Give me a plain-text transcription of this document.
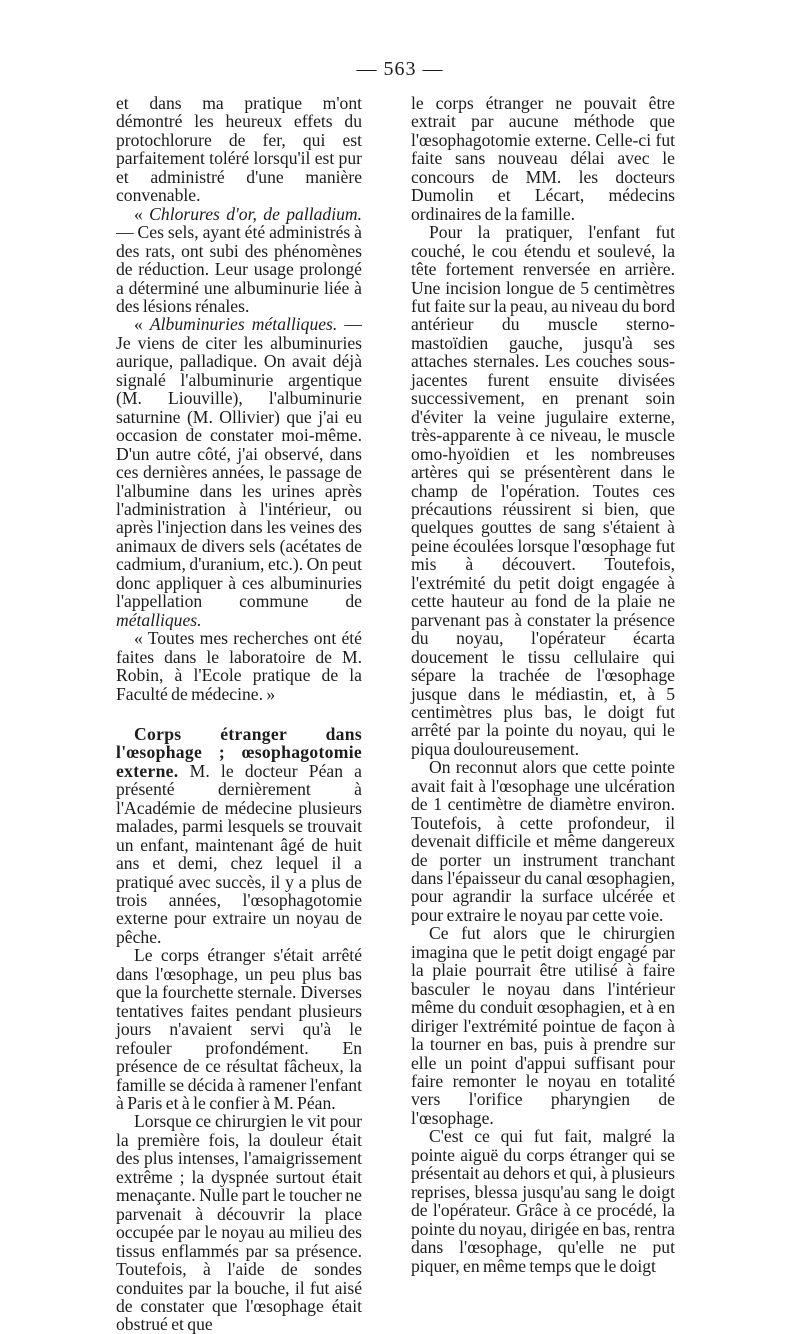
— 563 —

et dans ma pratique m'ont démontré les heureux effets du protochlorure de fer, qui est parfaitement toléré lorsqu'il est pur et administré d'une manière convenable.

« Chlorures d'or, de palladium. — Ces sels, ayant été administrés à des rats, ont subi des phénomènes de réduction. Leur usage prolongé a déterminé une albuminurie liée à des lésions rénales.

« Albuminuries métalliques. — Je viens de citer les albuminuries aurique, palladique. On avait déjà signalé l'albuminurie argentique (M. Liouville), l'albuminurie saturnine (M. Ollivier) que j'ai eu occasion de constater moi-même. D'un autre côté, j'ai observé, dans ces dernières années, le passage de l'albumine dans les urines après l'administration à l'intérieur, ou après l'injection dans les veines des animaux de divers sels (acétates de cadmium, d'uranium, etc.). On peut donc appliquer à ces albuminuries l'appellation commune de métalliques.

« Toutes mes recherches ont été faites dans le laboratoire de M. Robin, à l'Ecole pratique de la Faculté de médecine. »

Corps étranger dans l'œsophage ; œsophagotomie externe. M. le docteur Péan a présenté dernièrement à l'Académie de médecine plusieurs malades, parmi lesquels se trouvait un enfant, maintenant âgé de huit ans et demi, chez lequel il a pratiqué avec succès, il y a plus de trois années, l'œsophagotomie externe pour extraire un noyau de pêche.

Le corps étranger s'était arrêté dans l'œsophage, un peu plus bas que la fourchette sternale. Diverses tentatives faites pendant plusieurs jours n'avaient servi qu'à le refouler profondément. En présence de ce résultat fâcheux, la famille se décida à ramener l'enfant à Paris et à le confier à M. Péan.

Lorsque ce chirurgien le vit pour la première fois, la douleur était des plus intenses, l'amaigrissement extrême ; la dyspnée surtout était menaçante. Nulle part le toucher ne parvenait à découvrir la place occupée par le noyau au milieu des tissus enflammés par sa présence. Toutefois, à l'aide de sondes conduites par la bouche, il fut aisé de constater que l'œsophage était obstrué et que

le corps étranger ne pouvait être extrait par aucune méthode que l'œsophagotomie externe. Celle-ci fut faite sans nouveau délai avec le concours de MM. les docteurs Dumolin et Lécart, médecins ordinaires de la famille.

Pour la pratiquer, l'enfant fut couché, le cou étendu et soulevé, la tête fortement renversée en arrière. Une incision longue de 5 centimètres fut faite sur la peau, au niveau du bord antérieur du muscle sterno-mastoïdien gauche, jusqu'à ses attaches sternales. Les couches sous-jacentes furent ensuite divisées successivement, en prenant soin d'éviter la veine jugulaire externe, très-apparente à ce niveau, le muscle omo-hyoïdien et les nombreuses artères qui se présentèrent dans le champ de l'opération. Toutes ces précautions réussirent si bien, que quelques gouttes de sang s'étaient à peine écoulées lorsque l'œsophage fut mis à découvert. Toutefois, l'extrémité du petit doigt engagée à cette hauteur au fond de la plaie ne parvenant pas à constater la présence du noyau, l'opérateur écarta doucement le tissu cellulaire qui sépare la trachée de l'œsophage jusque dans le médiastin, et, à 5 centimètres plus bas, le doigt fut arrêté par la pointe du noyau, qui le piqua douloureusement.

On reconnut alors que cette pointe avait fait à l'œsophage une ulcération de 1 centimètre de diamètre environ. Toutefois, à cette profondeur, il devenait difficile et même dangereux de porter un instrument tranchant dans l'épaisseur du canal œsophagien, pour agrandir la surface ulcérée et pour extraire le noyau par cette voie.

Ce fut alors que le chirurgien imagina que le petit doigt engagé par la plaie pourrait être utilisé à faire basculer le noyau dans l'intérieur même du conduit œsophagien, et à en diriger l'extrémité pointue de façon à la tourner en bas, puis à prendre sur elle un point d'appui suffisant pour faire remonter le noyau en totalité vers l'orifice pharyngien de l'œsophage.

C'est ce qui fut fait, malgré la pointe aiguë du corps étranger qui se présentait au dehors et qui, à plusieurs reprises, blessa jusqu'au sang le doigt de l'opérateur. Grâce à ce procédé, la pointe du noyau, dirigée en bas, rentra dans l'œsophage, qu'elle ne put piquer, en même temps que le doigt
